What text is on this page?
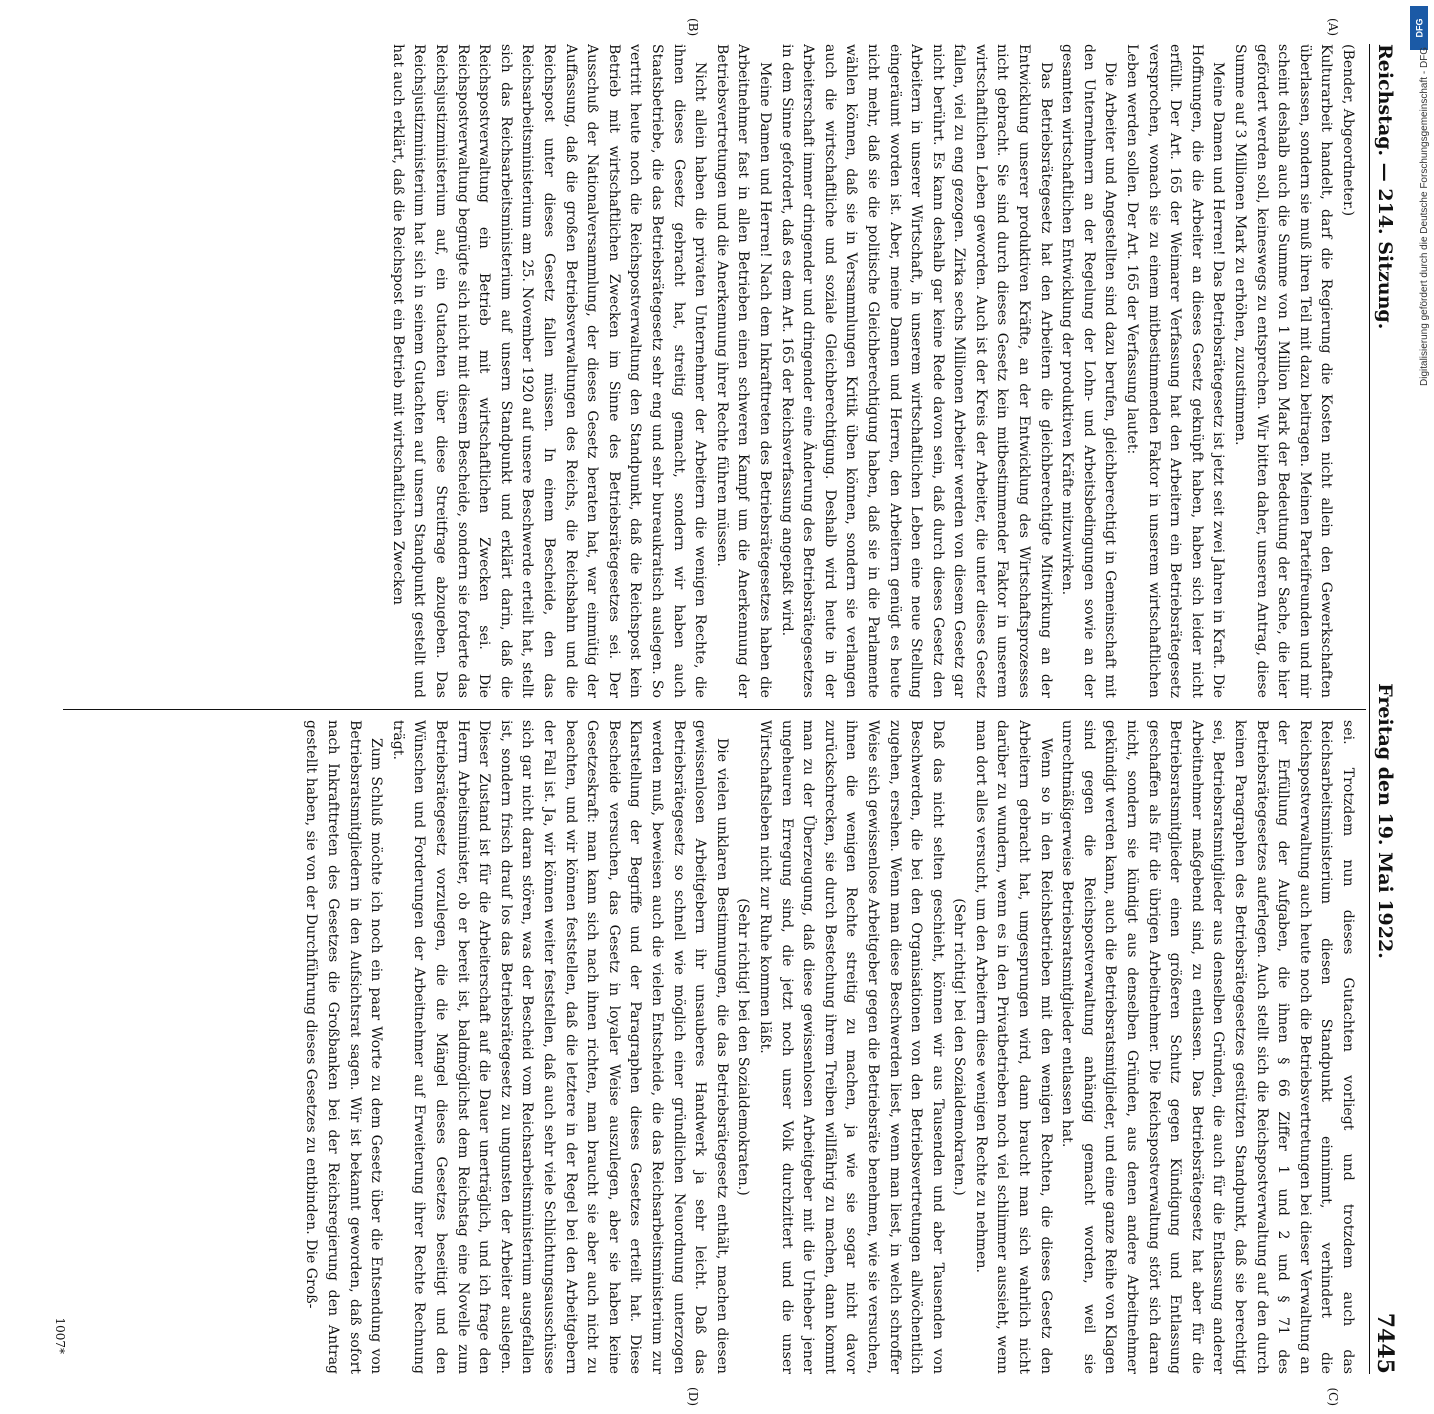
Reichstag. — 214. Sitzung.
Freitag den 19. Mai 1922.
7445

(Bender, Abgeordneter.)

Kulturarbeit handelt, darf die Regierung die Kosten nicht allein den Gewerkschaften überlassen, sondern sie muß ihren Teil mit dazu beitragen. Meinen Parteifreunden und mir scheint deshalb auch die Summe von 1 Million Mark der Bedeutung der Sache, die hier gefördert werden soll, keineswegs zu entsprechen. Wir bitten daher, unseren Antrag, diese Summe auf 3 Millionen Mark zu erhöhen, zuzustimmen.

Meine Damen und Herren! Das Betriebsrätegesetz ist jetzt seit zwei Jahren in Kraft. Die Hoffnungen, die die Arbeiter an dieses Gesetz geknüpft haben, haben sich leider nicht erfüllt. Der Art. 165 der Weimarer Verfassung hat den Arbeitern ein Betriebsrätegesetz versprochen, wonach sie zu einem mitbestimmenden Faktor in unserem wirtschaftlichen Leben werden sollen. Der Art. 165 der Verfassung lautet:

Die Arbeiter und Angestellten sind dazu berufen, gleichberechtigt in Gemeinschaft mit den Unternehmern an der Regelung der Lohn- und Arbeitsbedingungen sowie an der gesamten wirtschaftlichen Entwicklung der produktiven Kräfte mitzuwirken.

Das Betriebsrätegesetz hat den Arbeitern die gleichberechtigte Mitwirkung an der Entwicklung unserer produktiven Kräfte, an der Entwicklung des Wirtschaftsprozesses nicht gebracht. Sie sind durch dieses Gesetz kein mitbestimmender Faktor in unserem wirtschaftlichen Leben geworden. Auch ist der Kreis der Arbeiter, die unter dieses Gesetz fallen, viel zu eng gezogen. Zirka sechs Millionen Arbeiter werden von diesem Gesetz gar nicht berührt. Es kann deshalb gar keine Rede davon sein, daß durch dieses Gesetz den Arbeitern in unserer Wirtschaft, in unserem wirtschaftlichen Leben eine neue Stellung eingeräumt worden ist. Aber, meine Damen und Herren, den Arbeitern genügt es heute nicht mehr, daß sie die politische Gleichberechtigung haben, daß sie in die Parlamente wählen können, daß sie in Versammlungen Kritik üben können, sondern sie verlangen auch die wirtschaftliche und soziale Gleichberechtigung. Deshalb wird heute in der Arbeiterschaft immer dringender und dringender eine Änderung des Betriebsrätegesetzes in dem Sinne gefordert, daß es dem Art. 165 der Reichsverfassung angepaßt wird.

Meine Damen und Herren! Nach dem Inkrafttreten des Betriebsrätegesetzes haben die Arbeitnehmer fast in allen Betrieben einen schweren Kampf um die Anerkennung der Betriebsvertretungen und die Anerkennung ihrer Rechte führen müssen.

Nicht allein haben die privaten Unternehmer der Arbeitern die wenigen Rechte, die ihnen dieses Gesetz gebracht hat, streitig gemacht, sondern wir haben auch Staatsbetriebe, die das Betriebsrätegesetz sehr eng und sehr bureaukratisch auslegen. So vertritt heute noch die Reichspostverwaltung den Standpunkt, daß die Reichspost kein Betrieb mit wirtschaftlichen Zwecken im Sinne des Betriebsrätegesetzes sei. Der Ausschuß der Nationalversammlung, der dieses Gesetz beraten hat, war einmütig der Auffassung, daß die großen Betriebsverwaltungen des Reichs, die Reichsbahn und die Reichspost unter dieses Gesetz fallen müssen. In einem Bescheide, den das Reichsarbeitsministerium am 25. November 1920 auf unsere Beschwerde erteilt hat, stellt sich das Reichsarbeitsministerium auf unsern Standpunkt und erklärt darin, daß die Reichspostverwaltung ein Betrieb mit wirtschaftlichen Zwecken sei. Die Reichspostverwaltung begnügte sich nicht mit diesem Bescheide, sondern sie forderte das Reichsjustizministerium auf, ein Gutachten über diese Streitfrage abzugeben. Das Reichsjustizministerium hat sich in seinem Gutachten auf unsern Standpunkt gestellt und hat auch erklärt, daß die Reichspost ein Betrieb mit wirtschaftlichen Zwecken

sei. Trotzdem nun dieses Gutachten vorliegt und trotzdem auch das Reichsarbeitsministerium diesen Standpunkt einnimmt, verhindert die Reichspostverwaltung auch heute noch die Betriebsvertretungen bei dieser Verwaltung an der Erfüllung der Aufgaben, die ihnen § 66 Ziffer 1 und 2 und § 71 des Betriebsrätegesetzes auferlegen. Auch stellt sich die Reichspostverwaltung auf den durch keinen Paragraphen des Betriebsrätegesetzes gestützten Standpunkt, daß sie berechtigt sei, Betriebsratsmitglieder aus denselben Gründen, die auch für die Entlassung anderer Arbeitnehmer maßgebend sind, zu entlassen. Das Betriebsrätegesetz hat aber für die Betriebsratsmitglieder einen größeren Schutz gegen Kündigung und Entlassung geschaffen als für die übrigen Arbeitnehmer. Die Reichspostverwaltung stört sich daran nicht, sondern sie kündigt aus denselben Gründen, aus denen andere Arbeitnehmer gekündigt werden kann, auch die Betriebsratsmitglieder, und eine ganze Reihe von Klagen sind gegen die Reichspostverwaltung anhängig gemacht worden, weil sie unrechtmäßigerweise Betriebsratsmitglieder entlassen hat.

Wenn so in den Reichsbetrieben mit den wenigen Rechten, die dieses Gesetz den Arbeitern gebracht hat, umgesprungen wird, dann braucht man sich wahrlich nicht darüber zu wundern, wenn es in den Privatbetrieben noch viel schlimmer aussieht, wenn man dort alles versucht, um den Arbeitern diese wenigen Rechte zu nehmen.

(Sehr richtig! bei den Sozialdemokraten.)

Daß das nicht selten geschieht, können wir aus Tausenden und aber Tausenden von Beschwerden, die bei den Organisationen von den Betriebsvertretungen allwöchentlich zugehen, ersehen. Wenn man diese Beschwerden liest, wenn man liest, in welch schroffer Weise sich gewissenlose Arbeitgeber gegen die Betriebsräte benehmen, wie sie versuchen, ihnen die wenigen Rechte streitig zu machen, ja wie sie sogar nicht davor zurückschrecken, sie durch Bestechung ihrem Treiben willfährig zu machen, dann kommt man zu der Überzeugung, daß diese gewissenlosen Arbeitgeber mit die Urheber jener ungeheuren Erregung sind, die jetzt noch unser Volk durchzittert und die unser Wirtschaftsleben nicht zur Ruhe kommen läßt.

(Sehr richtig! bei den Sozialdemokraten.)

Die vielen unklaren Bestimmungen, die das Betriebsrätegesetz enthält, machen diesen gewissenlosen Arbeitgebern ihr unsauberes Handwerk ja sehr leicht. Daß das Betriebsrätegesetz so schnell wie möglich einer gründlichen Neuordnung unterzogen werden muß, beweisen auch die vielen Entscheide, die das Reichsarbeitsministerium zur Klarstellung der Begriffe und der Paragraphen dieses Gesetzes erteilt hat. Diese Bescheide versuchen, das Gesetz in loyaler Weise auszulegen, aber sie haben keine Gesetzeskraft: man kann sich nach ihnen richten, man braucht sie aber auch nicht zu beachten, und wir können feststellen, daß die letztere in der Regel bei den Arbeitgebern der Fall ist. Ja, wir können weiter feststellen, daß auch sehr viele Schlichtungsausschüsse sich gar nicht daran stören, was der Bescheid vom Reichsarbeitsministerium ausgefallen ist, sondern frisch drauf los das Betriebsrätegesetz zu ungunsten der Arbeiter auslegen. Dieser Zustand ist für die Arbeiterschaft auf die Dauer unerträglich, und ich frage den Herrn Arbeitsminister, ob er bereit ist, baldmöglichst dem Reichstag eine Novelle zum Betriebsrätegesetz vorzulegen, die die Mängel dieses Gesetzes beseitigt und den Wünschen und Forderungen der Arbeitnehmer auf Erweiterung ihrer Rechte Rechnung trägt.

Zum Schluß möchte ich noch ein paar Worte zu dem Gesetz über die Entsendung von Betriebsratsmitgliedern in den Aufsichtsrat sagen. Wir ist bekannt geworden, daß sofort nach Inkrafttreten des Gesetzes die Großbanken bei der Reichsregierung den Antrag gestellt haben, sie von der Durchführung dieses Gesetzes zu entbinden. Die Groß-

(A)
(B)
(C)
(D)
1007*
DFG
Digitalisierung gefördert durch die Deutsche Forschungsgemeinschaft - DFG
